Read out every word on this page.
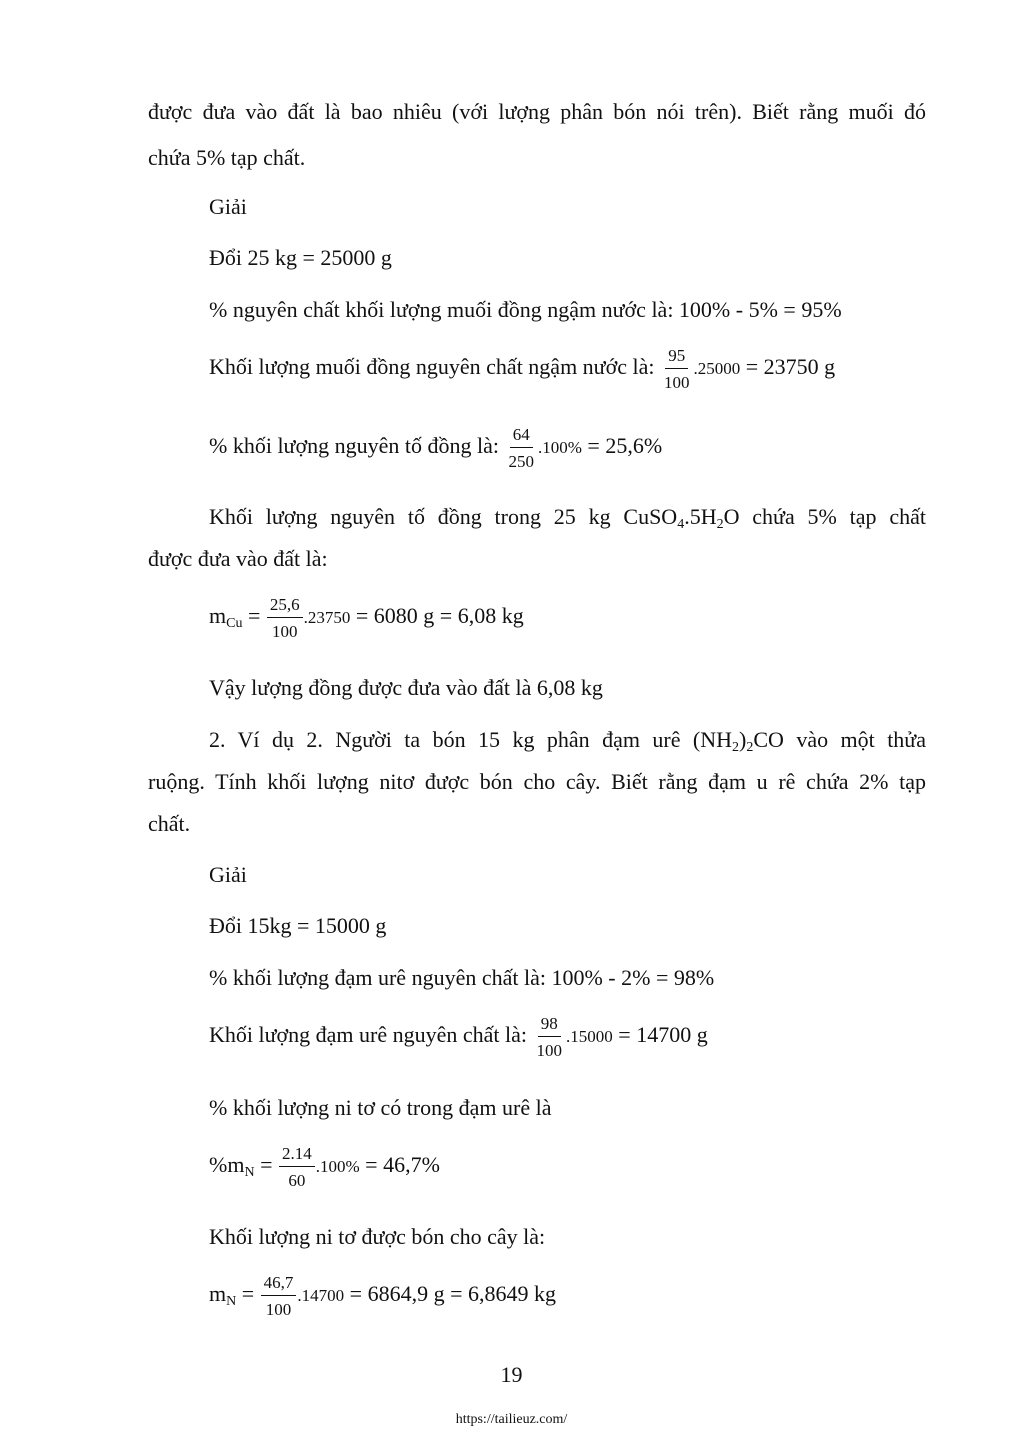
được đưa vào đất là bao nhiêu (với lượng phân bón nói trên). Biết rằng muối đó
chứa 5% tạp chất.
Giải
Đổi 25 kg = 25000 g
% nguyên chất khối lượng muối đồng ngậm nước là: 100% - 5% = 95%
Khối lượng muối đồng nguyên chất ngậm nước là: $\frac{95}{100} .25000 = 23750$ g
% khối lượng nguyên tố đồng là: $\frac{64}{250} .100\% = 25,6\%$
Khối lượng nguyên tố đồng trong 25 kg $CuSO_4.5H_2O$ chứa 5% tạp chất
được đưa vào đất là:
$m_{Cu} = \frac{25,6}{100} .23750 = 6080$ g = 6,08 kg
Vậy lượng đồng được đưa vào đất là 6,08 kg
2. Ví dụ 2. Người ta bón 15 kg phân đạm urê $(NH_2)_2CO$ vào một thửa
ruộng. Tính khối lượng nitơ được bón cho cây. Biết rằng đạm u rê chứa 2% tạp
chất.
Giải
Đổi 15kg = 15000 g
% khối lượng đạm urê nguyên chất là: 100% - 2% = 98%
Khối lượng đạm urê nguyên chất là: $\frac{98}{100} .15000 = 14700$ g
% khối lượng ni tơ có trong đạm urê là
$\%m_N = \frac{2.14}{60} .100\% = 46,7\%$
Khối lượng ni tơ được bón cho cây là:
$m_N = \frac{46,7}{100} .14700 = 6864,9$ g = 6,8649 kg
19
https://tailieuz.com/
